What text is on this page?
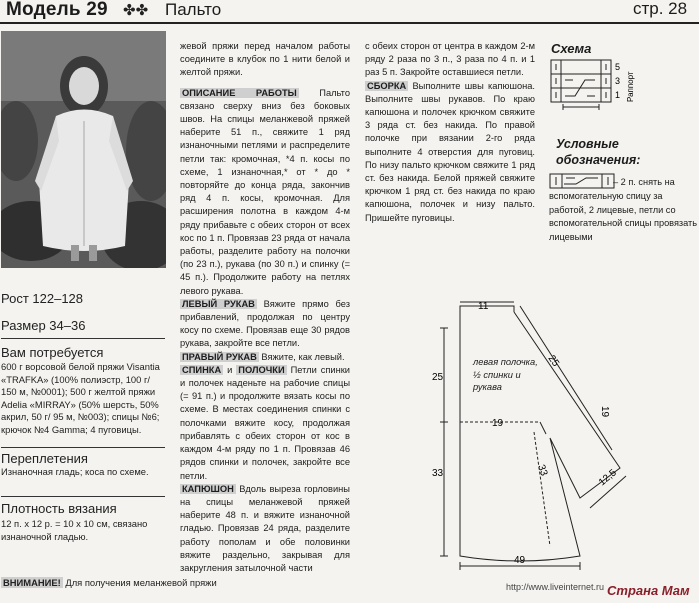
Модель 29 ✤✤ Пальто	стр. 28
Рост 122–128
Размер 34–36
Вам потребуется
600 г ворсовой белой пряжи Visantia «TRAFKA» (100% полиэстр, 100 г/ 150 м, №0001); 500 г желтой пряжи Adelia «MIRRAY» (50% шерсть, 50% акрил, 50 г/ 95 м, №003); спицы №6; крючок №4 Gamma; 4 пуговицы.
Переплетения
Изнаночная гладь; коса по схеме.
Плотность вязания
12 п. х 12 р. = 10 х 10 см, связано изнаночной гладью.
ВНИМАНИЕ! Для получения меланжевой пряжи
жевой пряжи перед началом работы соедините в клубок по 1 нити белой и желтой пряжи.
ОПИСАНИЕ РАБОТЫ Пальто связано сверху вниз без боковых швов. На спицы меланжевой пряжей наберите 51 п., свяжите 1 ряд изнаночными петлями и распределите петли так: кромочная, *4 п. косы по схеме, 1 изнаночная,* от * до * повторяйте до конца ряда, закончив ряд 4 п. косы, кромочная. Для расширения полотна в каждом 4-м ряду прибавьте с обеих сторон от всех кос по 1 п. Провязав 23 ряда от начала работы, разделите работу на полочки (по 23 п.), рукава (по 30 п.) и спинку (= 45 п.). Продолжите работу на петлях левого рукава.
ЛЕВЫЙ РУКАВ Вяжите прямо без прибавлений, продолжая по центру косу по схеме. Провязав еще 30 рядов рукава, закройте все петли.
ПРАВЫЙ РУКАВ Вяжите, как левый.
СПИНКА и ПОЛОЧКИ Петли спинки и полочек наденьте на рабочие спицы (= 91 п.) и продолжите вязать косы по схеме. В местах соединения спинки с полочками вяжите косу, продолжая прибавлять с обеих сторон от кос в каждом 4-м ряду по 1 п. Провязав 46 рядов спинки и полочек, закройте все петли.
КАПЮШОН Вдоль выреза горловины на спицы меланжевой пряжей наберите 48 п. и вяжите изнаночной гладью. Провязав 24 ряда, разделите работу пополам и обе половинки вяжите раздельно, закрывая для закругления затылочной части
с обеих сторон от центра в каждом 2-м ряду 2 раза по 3 п., 3 раза по 4 п. и 1 раз 5 п. Закройте оставшиеся петли.
СБОРКА Выполните швы капюшона. Выполните швы рукавов. По краю капюшона и полочек крючком свяжите 3 ряда ст. без накида. По правой полочке при вязании 2-го ряда выполните 4 отверстия для пуговиц. По низу пальто крючком свяжите 1 ряд ст. без накида. Белой пряжей свяжите крючком 1 ряд ст. без накида по краю капюшона, полочек и низу пальто. Пришейте пуговицы.
Схема
5
3
1 Раппорт
Условные обозначения:
– 2 п. снять на вспомогательную спицу за работой, 2 лицевые, петли со вспомогательной спицы провязать лицевыми
11
25
25
19
19
12,5
33	33
49
левая полочка, ½ спинки и рукава
http://www.liveinternet.ru Страна Мам
